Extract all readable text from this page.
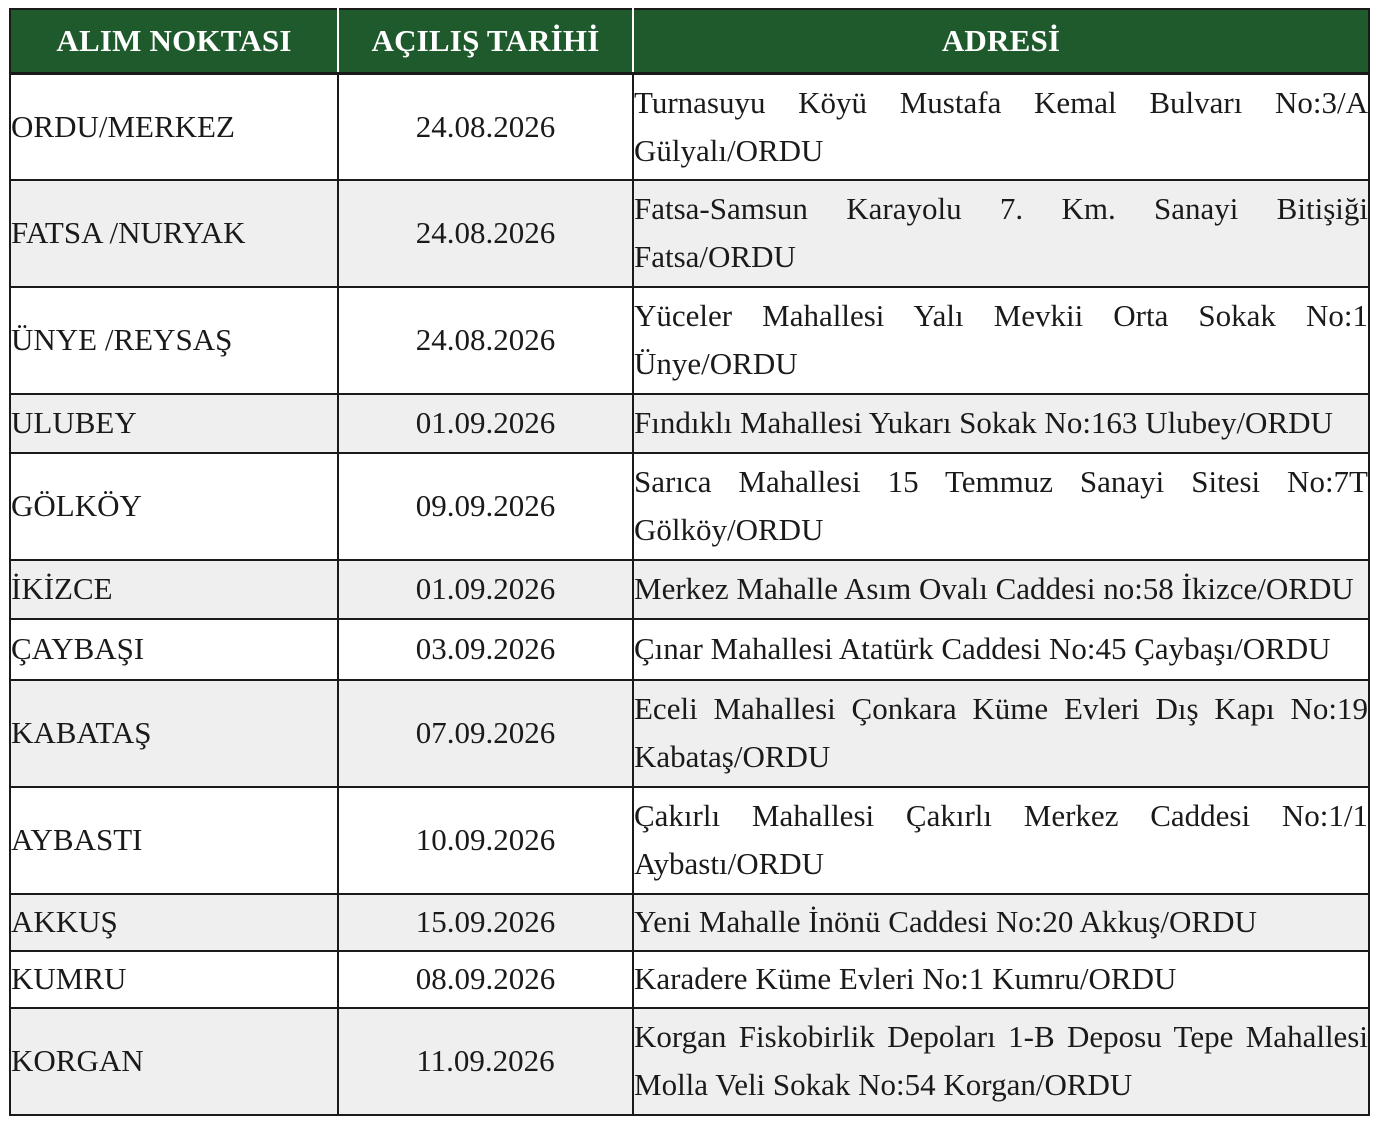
ALIM NOKTASI	AÇILIŞ TARİHİ	ADRESİ
ORDU/MERKEZ	24.08.2026	Turnasuyu Köyü Mustafa Kemal Bulvarı No:3/A Gülyalı/ORDU
FATSA /NURYAK	24.08.2026	Fatsa-Samsun Karayolu 7. Km. Sanayi Bitişiği Fatsa/ORDU
ÜNYE /REYSAŞ	24.08.2026	Yüceler Mahallesi Yalı Mevkii Orta Sokak No:1 Ünye/ORDU
ULUBEY	01.09.2026	Fındıklı Mahallesi Yukarı Sokak No:163 Ulubey/ORDU
GÖLKÖY	09.09.2026	Sarıca Mahallesi 15 Temmuz Sanayi Sitesi No:7T Gölköy/ORDU
İKİZCE	01.09.2026	Merkez Mahalle Asım Ovalı Caddesi no:58 İkizce/ORDU
ÇAYBAŞI	03.09.2026	Çınar Mahallesi Atatürk Caddesi No:45 Çaybaşı/ORDU
KABATAŞ	07.09.2026	Eceli Mahallesi Çonkara Küme Evleri Dış Kapı No:19 Kabataş/ORDU
AYBASTI	10.09.2026	Çakırlı Mahallesi Çakırlı Merkez Caddesi No:1/1 Aybastı/ORDU
AKKUŞ	15.09.2026	Yeni Mahalle İnönü Caddesi No:20 Akkuş/ORDU
KUMRU	08.09.2026	Karadere Küme Evleri No:1 Kumru/ORDU
KORGAN	11.09.2026	Korgan Fiskobirlik Depoları 1-B Deposu Tepe Mahallesi Molla Veli Sokak No:54 Korgan/ORDU
